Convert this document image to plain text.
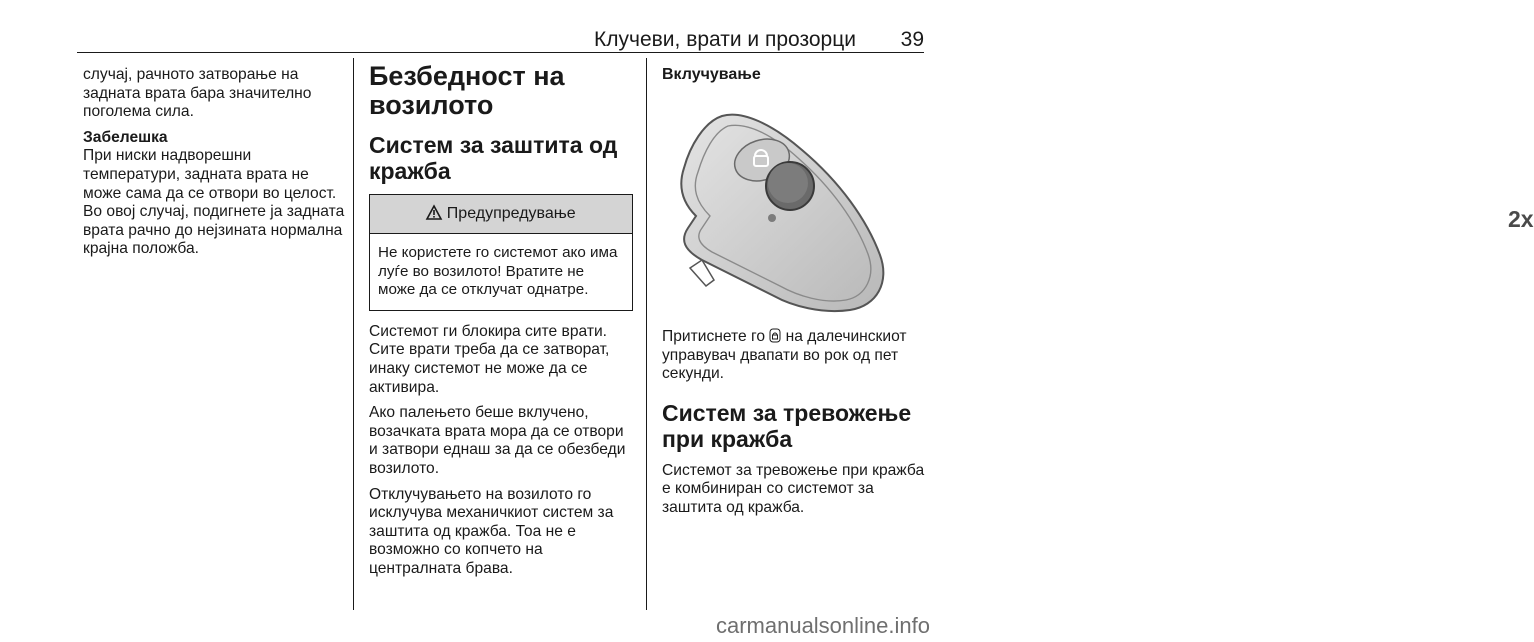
Клучеви, врати и прозорци 39

случај, рачното затворање на задната врата бара значително поголема сила.

Забелешка

При ниски надворешни температури, задната врата не може сама да се отвори во целост. Во овој случај, подигнете ја задната врата рачно до нејзината нормална крајна положба.

Безбедност на возилото
Систем за заштита од кражба
Предупредување
Не користете го системот ако има луѓе во возилото! Вратите не може да се отклучат однатре.

Системот ги блокира сите врати. Сите врати треба да се затворат, инаку системот не може да се активира.

Ако палењето беше вклучено, возачката врата мора да се отвори и затвори еднаш за да се обезбеди возилото.

Отклучувањето на возилото го исклучува механичкиот систем за заштита од кражба. Тоа не е возможно со копчето на централната брава.

Вклучување

2x

Притиснете го  на далечинскиот управувач двапати во рок од пет секунди.

Систем за тревожење при кражба

Системот за тревожење при кражба е комбиниран со системот за заштита од кражба.

carmanualsonline.info
